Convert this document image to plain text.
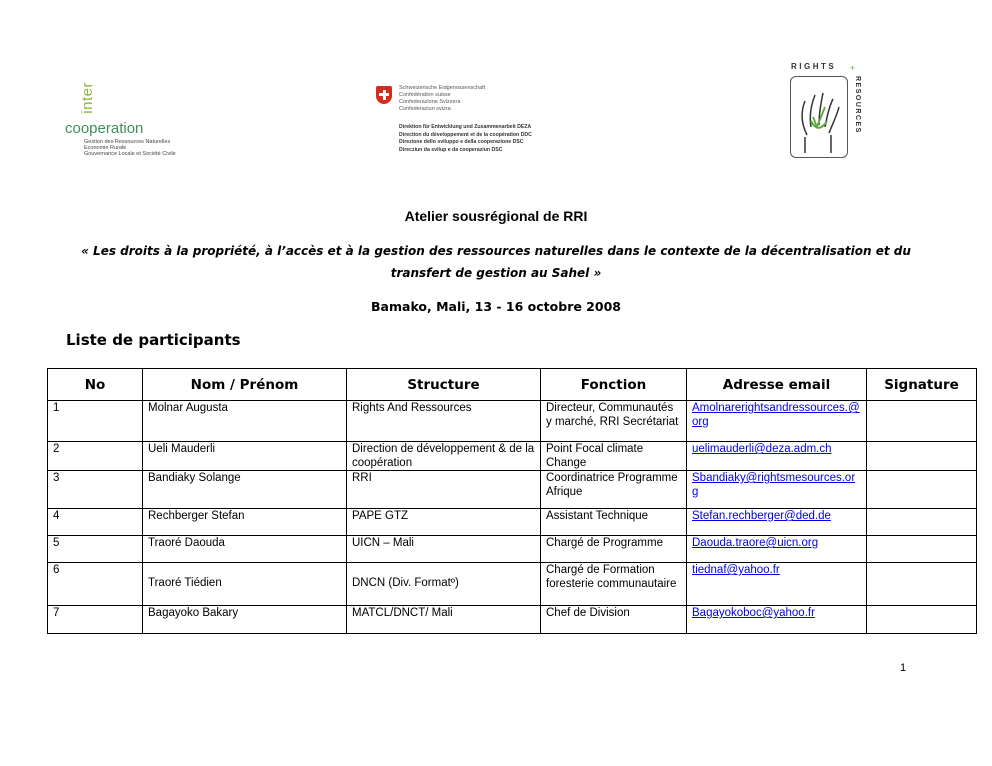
inter
cooperation
Gestion des Ressources Naturelles
Economie Rurale
Gouvernance Locale et Société Civile
Schweizerische Eidgenossenschaft
Confédération suisse
Confederazione Svizzera
Confederaziun svizra
Direktion für Entwicklung und Zusammenarbeit DEZA
Direction du développement et de la coopération DDC
Direzione dello sviluppo e della cooperazione DSC
Direcziun da svilup e da cooperaziun DSC
RIGHTS +
RESOURCES
Atelier sousrégional de RRI
« Les droits à la propriété, à l’accès et à la gestion des ressources naturelles dans le contexte de la décentralisation et du transfert de gestion au Sahel »
Bamako, Mali, 13 - 16 octobre 2008
Liste de participants
No	Nom / Prénom	Structure	Fonction	Adresse email	Signature
1	Molnar Augusta	Rights And Ressources	Directeur, Communautés y marché, RRI Secrétariat	Amolnarerightsandressources.@org	
2	Ueli Mauderli	Direction de développement & de la coopération	Point Focal climate Change	uelimauderli@deza.adm.ch	
3	Bandiaky Solange	RRI	Coordinatrice Programme Afrique	Sbandiaky@rightsmesources.org	
4	Rechberger Stefan	PAPE GTZ	Assistant Technique	Stefan.rechberger@ded.de	
5	Traoré Daouda	UICN – Mali	Chargé de Programme	Daouda.traore@uicn.org	
6	Traoré Tiédien	DNCN (Div. Formatº)	Chargé de Formation foresterie communautaire	tiednaf@yahoo.fr	
7	Bagayoko Bakary	MATCL/DNCT/ Mali	Chef de Division	Bagayokoboc@yahoo.fr	
1
